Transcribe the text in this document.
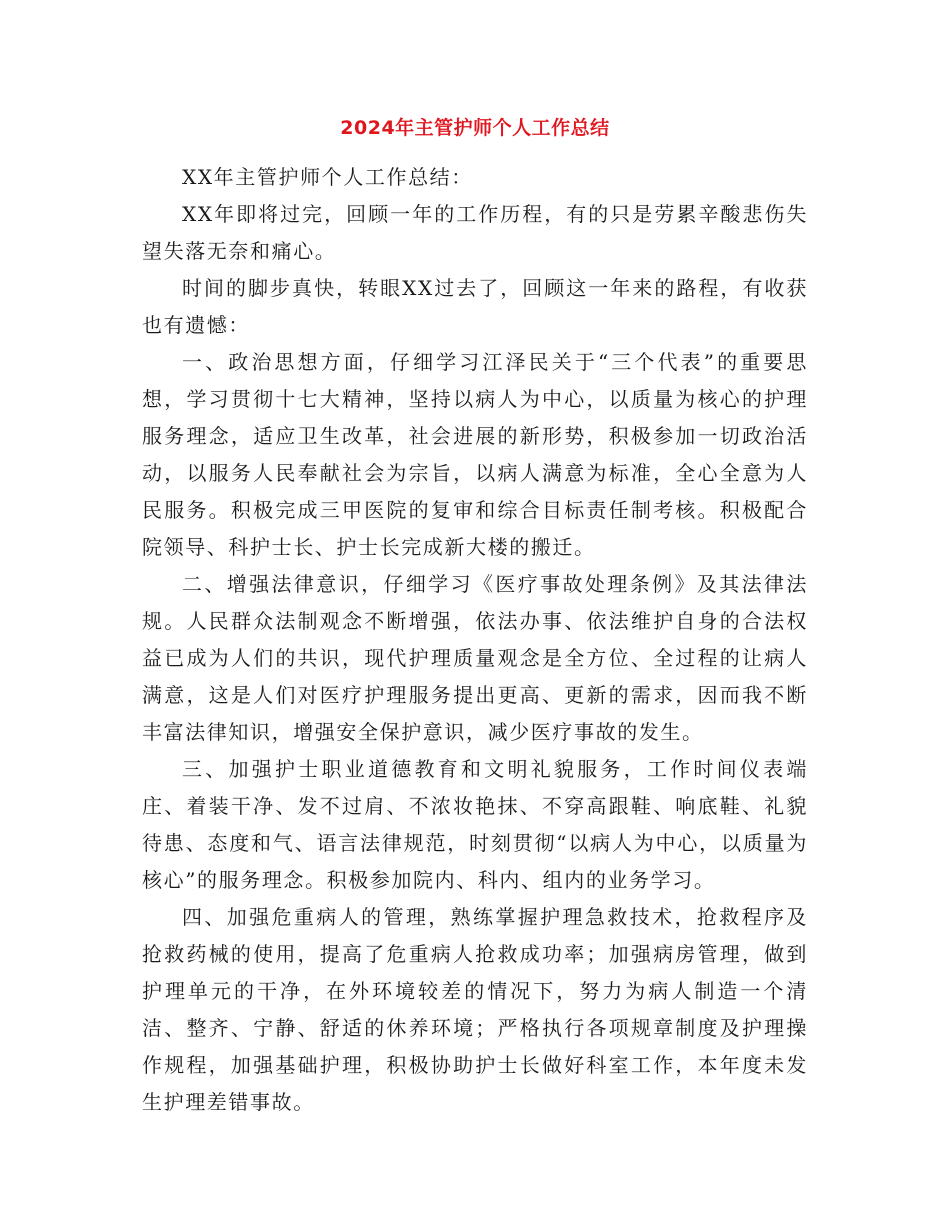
2024年主管护师个人工作总结

XX年主管护师个人工作总结：

XX年即将过完，回顾一年的工作历程，有的只是劳累辛酸悲伤失望失落无奈和痛心。

时间的脚步真快，转眼XX过去了，回顾这一年来的路程，有收获也有遗憾：

一、政治思想方面，仔细学习江泽民关于“三个代表”的重要思想，学习贯彻十七大精神，坚持以病人为中心，以质量为核心的护理服务理念，适应卫生改革，社会进展的新形势，积极参加一切政治活动，以服务人民奉献社会为宗旨，以病人满意为标准，全心全意为人民服务。积极完成三甲医院的复审和综合目标责任制考核。积极配合院领导、科护士长、护士长完成新大楼的搬迁。

二、增强法律意识，仔细学习《医疗事故处理条例》及其法律法规。人民群众法制观念不断增强，依法办事、依法维护自身的合法权益已成为人们的共识，现代护理质量观念是全方位、全过程的让病人满意，这是人们对医疗护理服务提出更高、更新的需求，因而我不断丰富法律知识，增强安全保护意识，减少医疗事故的发生。

三、加强护士职业道德教育和文明礼貌服务，工作时间仪表端庄、着装干净、发不过肩、不浓妆艳抹、不穿高跟鞋、响底鞋、礼貌待患、态度和气、语言法律规范，时刻贯彻“以病人为中心，以质量为核心”的服务理念。积极参加院内、科内、组内的业务学习。

四、加强危重病人的管理，熟练掌握护理急救技术，抢救程序及抢救药械的使用，提高了危重病人抢救成功率；加强病房管理，做到护理单元的干净，在外环境较差的情况下，努力为病人制造一个清洁、整齐、宁静、舒适的休养环境；严格执行各项规章制度及护理操作规程，加强基础护理，积极协助护士长做好科室工作，本年度未发生护理差错事故。
